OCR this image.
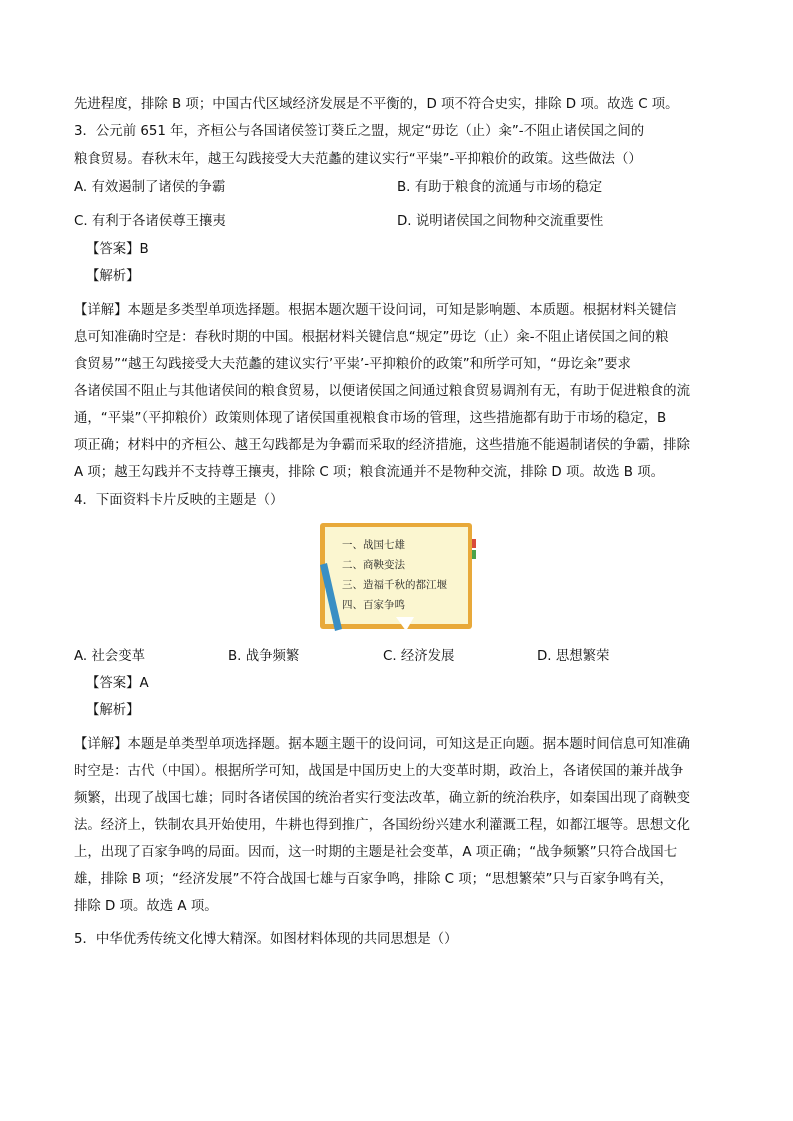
先进程度，排除 B 项；中国古代区域经济发展是不平衡的，D 项不符合史实，排除 D 项。故选 C 项。
3．公元前 651 年，齐桓公与各国诸侯签订葵丘之盟，规定“毋讫（止）籴”-不阻止诸侯国之间的
粮食贸易。春秋末年，越王勾践接受大夫范蠡的建议实行“平粜”-平抑粮价的政策。这些做法（）
A. 有效遏制了诸侯的争霸	B. 有助于粮食的流通与市场的稳定
C. 有利于各诸侯尊王攘夷	D. 说明诸侯国之间物种交流重要性
【答案】B
【解析】
【详解】本题是多类型单项选择题。根据本题次题干设问词，可知是影响题、本质题。根据材料关键信
息可知准确时空是：春秋时期的中国。根据材料关键信息“规定”毋讫（止）籴-不阻止诸侯国之间的粮
食贸易”“越王勾践接受大夫范蠡的建议实行’平粜’-平抑粮价的政策”和所学可知，“毋讫籴”要求
各诸侯国不阻止与其他诸侯间的粮食贸易，以便诸侯国之间通过粮食贸易调剂有无，有助于促进粮食的流
通，“平粜”（平抑粮价）政策则体现了诸侯国重视粮食市场的管理，这些措施都有助于市场的稳定，B
项正确；材料中的齐桓公、越王勾践都是为争霸而采取的经济措施，这些措施不能遏制诸侯的争霸，排除
A 项；越王勾践并不支持尊王攘夷，排除 C 项；粮食流通并不是物种交流，排除 D 项。故选 B 项。
4．下面资料卡片反映的主题是（）
一、战国七雄
二、商鞅变法
三、造福千秋的都江堰
四、百家争鸣
A. 社会变革	B. 战争频繁	C. 经济发展	D. 思想繁荣
【答案】A
【解析】
【详解】本题是单类型单项选择题。据本题主题干的设问词，可知这是正向题。据本题时间信息可知准确
时空是：古代（中国）。根据所学可知，战国是中国历史上的大变革时期，政治上，各诸侯国的兼并战争
频繁，出现了战国七雄；同时各诸侯国的统治者实行变法改革，确立新的统治秩序，如秦国出现了商鞅变
法。经济上，铁制农具开始使用，牛耕也得到推广，各国纷纷兴建水利灌溉工程，如都江堰等。思想文化
上，出现了百家争鸣的局面。因而，这一时期的主题是社会变革，A 项正确；“战争频繁”只符合战国七
雄，排除 B 项；“经济发展”不符合战国七雄与百家争鸣，排除 C 项；“思想繁荣”只与百家争鸣有关，
排除 D 项。故选 A 项。
5．中华优秀传统文化博大精深。如图材料体现的共同思想是（）
